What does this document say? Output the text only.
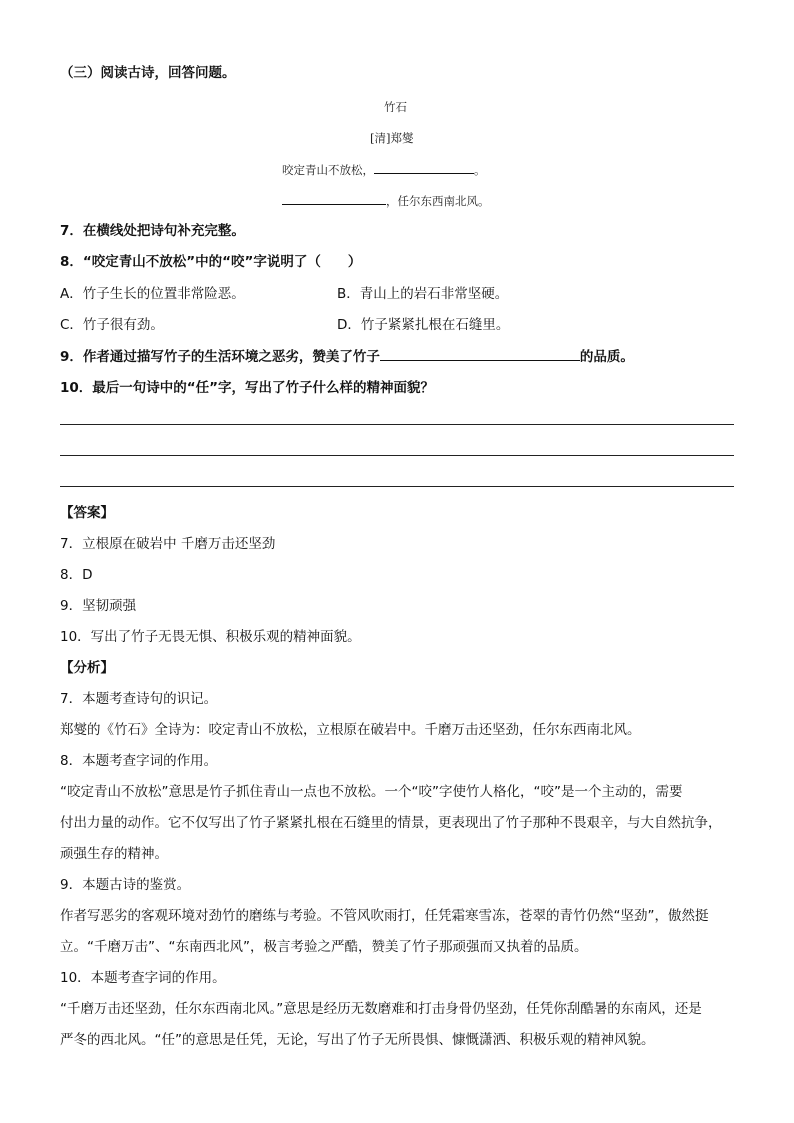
（三）阅读古诗，回答问题。
竹石
[清]郑燮
咬定青山不放松，	。
，任尔东西南北风。
7．在横线处把诗句补充完整。
8．“咬定青山不放松”中的“咬”字说明了（　　）
A．竹子生长的位置非常险恶。	B．青山上的岩石非常坚硬。
C．竹子很有劲。	D．竹子紧紧扎根在石缝里。
9．作者通过描写竹子的生活环境之恶劣，赞美了竹子	的品质。
10．最后一句诗中的“任”字，写出了竹子什么样的精神面貌？
【答案】
7．立根原在破岩中 千磨万击还坚劲
8．D
9．坚韧顽强
10．写出了竹子无畏无惧、积极乐观的精神面貌。
【分析】
7．本题考查诗句的识记。
郑燮的《竹石》全诗为：咬定青山不放松，立根原在破岩中。千磨万击还坚劲，任尔东西南北风。
8．本题考查字词的作用。
“咬定青山不放松”意思是竹子抓住青山一点也不放松。一个“咬”字使竹人格化，“咬”是一个主动的，需要
付出力量的动作。它不仅写出了竹子紧紧扎根在石缝里的情景，更表现出了竹子那种不畏艰辛，与大自然抗争，
顽强生存的精神。
9．本题古诗的鉴赏。
作者写恶劣的客观环境对劲竹的磨练与考验。不管风吹雨打，任凭霜寒雪冻，苍翠的青竹仍然“坚劲”，傲然挺
立。“千磨万击”、“东南西北风”，极言考验之严酷，赞美了竹子那顽强而又执着的品质。
10．本题考查字词的作用。
“千磨万击还坚劲，任尔东西南北风。”意思是经历无数磨难和打击身骨仍坚劲，任凭你刮酷暑的东南风，还是
严冬的西北风。“任”的意思是任凭，无论，写出了竹子无所畏惧、慷慨潇洒、积极乐观的精神风貌。
